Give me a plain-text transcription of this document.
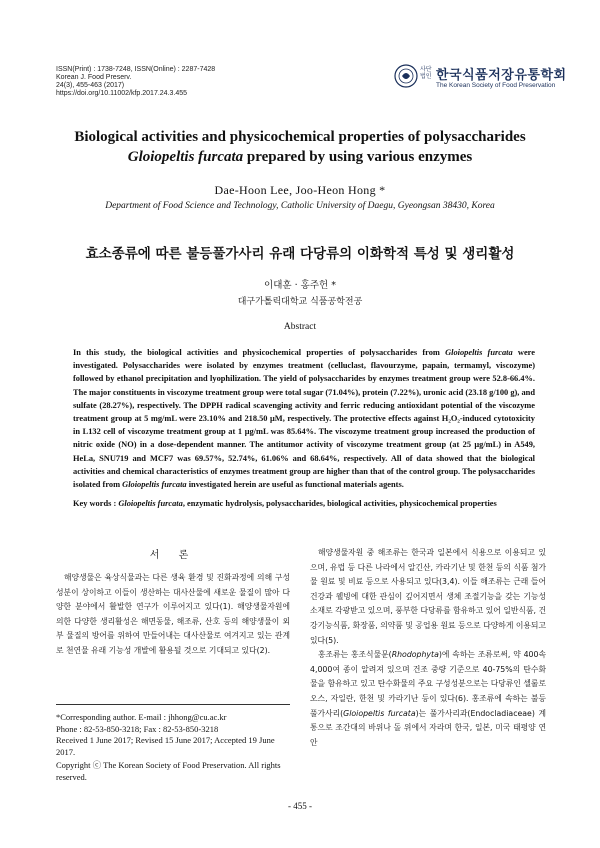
ISSN(Print) : 1738-7248, ISSN(Online) : 2287-7428
Korean J. Food Preserv.
24(3), 455-463 (2017)
https://doi.org/10.11002/kfp.2017.24.3.455
사단법인 한국식품저장유통학회
The Korean Society of Food Preservation
Biological activities and physicochemical properties of polysaccharides
Gloiopeltis furcata prepared by using various enzymes
Dae-Hoon Lee, Joo-Heon Hong *
Department of Food Science and Technology, Catholic University of Daegu, Gyeongsan 38430, Korea
효소종류에 따른 불등풀가사리 유래 다당류의 이화학적 특성 및 생리활성
이대훈 · 홍주헌 *
대구가톨릭대학교 식품공학전공
Abstract
In this study, the biological activities and physicochemical properties of polysaccharides from Gloiopeltis furcata were investigated. Polysaccharides were isolated by enzymes treatment (celluclast, flavourzyme, papain, termamyl, viscozyme) followed by ethanol precipitation and lyophilization. The yield of polysaccharides by enzymes treatment group were 52.8-66.4%. The major constituents in viscozyme treatment group were total sugar (71.04%), protein (7.22%), uronic acid (23.18 g/100 g), and sulfate (28.27%), respectively. The DPPH radical scavenging activity and ferric reducing antioxidant potential of the viscozyme treatment group at 5 mg/mL were 23.10% and 218.50 μM, respectively. The protective effects against H₂O₂-induced cytotoxicity in L132 cell of viscozyme treatment group at 1 μg/mL was 85.64%. The viscozyme treatment group increased the production of nitric oxide (NO) in a dose-dependent manner. The antitumor activity of viscozyme treatment group (at 25 μg/mL) in A549, HeLa, SNU719 and MCF7 was 69.57%, 52.74%, 61.06% and 68.64%, respectively. All of data showed that the biological activities and chemical characteristics of enzymes treatment group are higher than that of the control group. The polysaccharides isolated from Gloiopeltis furcata investigated herein are useful as functional materials agents.
Key words : Gloiopeltis furcata, enzymatic hydrolysis, polysaccharides, biological activities, physicochemical properties
서 론

해양생물은 육상식물과는 다른 생육 환경 및 진화과정에 의해 구성성분이 상이하고 이들이 생산하는 대사산물에 새로운 물질이 많아 다양한 분야에서 활발한 연구가 이루어지고 있다(1). 해양생물자원에 의한 다양한 생리활성은 해면동물, 해조류, 산호 등의 해양생물이 외부 물질의 방어를 위하여 만들어내는 대사산물로 여겨지고 있는 관계로 천연물 유래 기능성 개발에 활용될 것으로 기대되고 있다(2).

*Corresponding author. E-mail : jhhong@cu.ac.kr
Phone : 82-53-850-3218; Fax : 82-53-850-3218
Received 1 June 2017; Revised 15 June 2017; Accepted 19 June 2017.
Copyright ⓒ The Korean Society of Food Preservation. All rights reserved.

해양생물자원 중 해조류는 한국과 일본에서 식용으로 이용되고 있으며, 유럽 등 다른 나라에서 알긴산, 카라기난 및 한천 등의 식품 첨가물 원료 및 비료 등으로 사용되고 있다(3,4). 이들 해조류는 근래 들어 건강과 웰빙에 대한 관심이 깊어지면서 생체 조절기능을 갖는 기능성 소재로 각광받고 있으며, 풍부한 다당류를 함유하고 있어 일반식품, 건강기능식품, 화장품, 의약품 및 공업용 원료 등으로 다양하게 이용되고 있다(5).

홍조류는 홍조식물문(Rhodophyta)에 속하는 조류로써, 약 400속 4,000여 종이 알려져 있으며 건조 중량 기준으로 40-75%의 탄수화물을 함유하고 있고 탄수화물의 주요 구성성분으로는 다당류인 셀룰로오스, 자일란, 한천 및 카라기난 등이 있다(6). 홍조류에 속하는 불등풀가사리(Gloiopeltis furcata)는 풀가사리과(Endocladiaceae) 계통으로 조간대의 바위나 돌 위에서 자라며 한국, 일본, 미국 태평양 연안

- 455 -
